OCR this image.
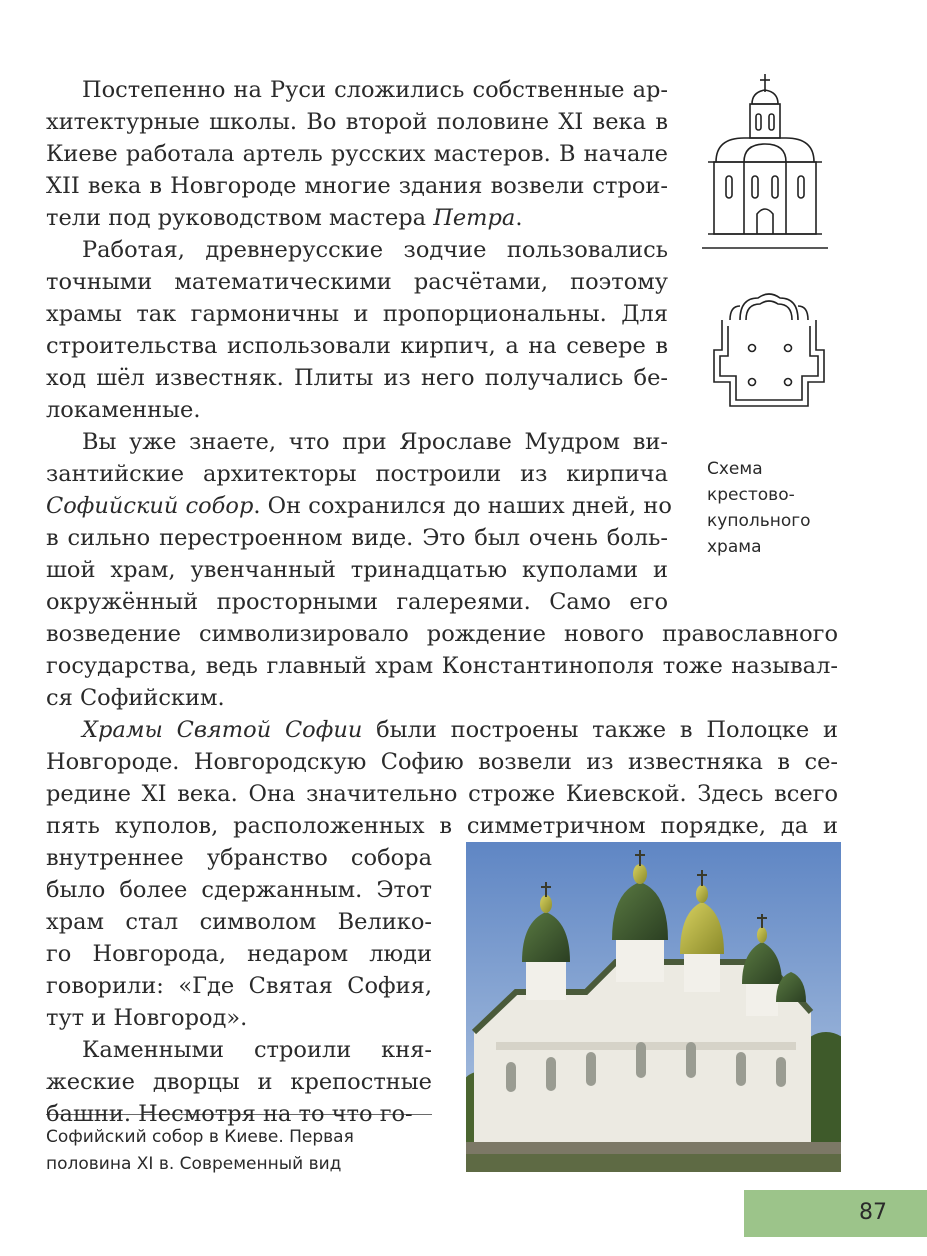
Постепенно на Руси сложились собственные ар-
хитектурные школы. Во второй половине XI века в
Киеве работала артель русских мастеров. В начале
XII века в Новгороде многие здания возвели строи-
тели под руководством мастера Петра.
Работая, древнерусские зодчие пользовались
точными математическими расчётами, поэтому
храмы так гармоничны и пропорциональны. Для
строительства использовали кирпич, а на севере в
ход шёл известняк. Плиты из него получались бе-
локаменные.
Вы уже знаете, что при Ярославе Мудром ви-
зантийские архитекторы построили из кирпича
Софийский собор. Он сохранился до наших дней, но
в сильно перестроенном виде. Это был очень боль-
шой храм, увенчанный тринадцатью куполами и
окружённый просторными галереями. Само его
возведение символизировало рождение нового православного
государства, ведь главный храм Константинополя тоже называл-
ся Софийским.
Храмы Святой Софии были построены также в Полоцке и
Новгороде. Новгородскую Софию возвели из известняка в се-
редине XI века. Она значительно строже Киевской. Здесь всего
пять куполов, расположенных в симметричном порядке, да и
внутреннее убранство собора
было более сдержанным. Этот
храм стал символом Велико-
го Новгорода, недаром люди
говорили: «Где Святая София,
тут и Новгород».
Каменными строили кня-
жеские дворцы и крепостные
Схема
крестово-
купольного
храма
Софийский собор в Киеве. Первая
половина XI в. Современный вид
87
башни. Несмотря на то что го-
